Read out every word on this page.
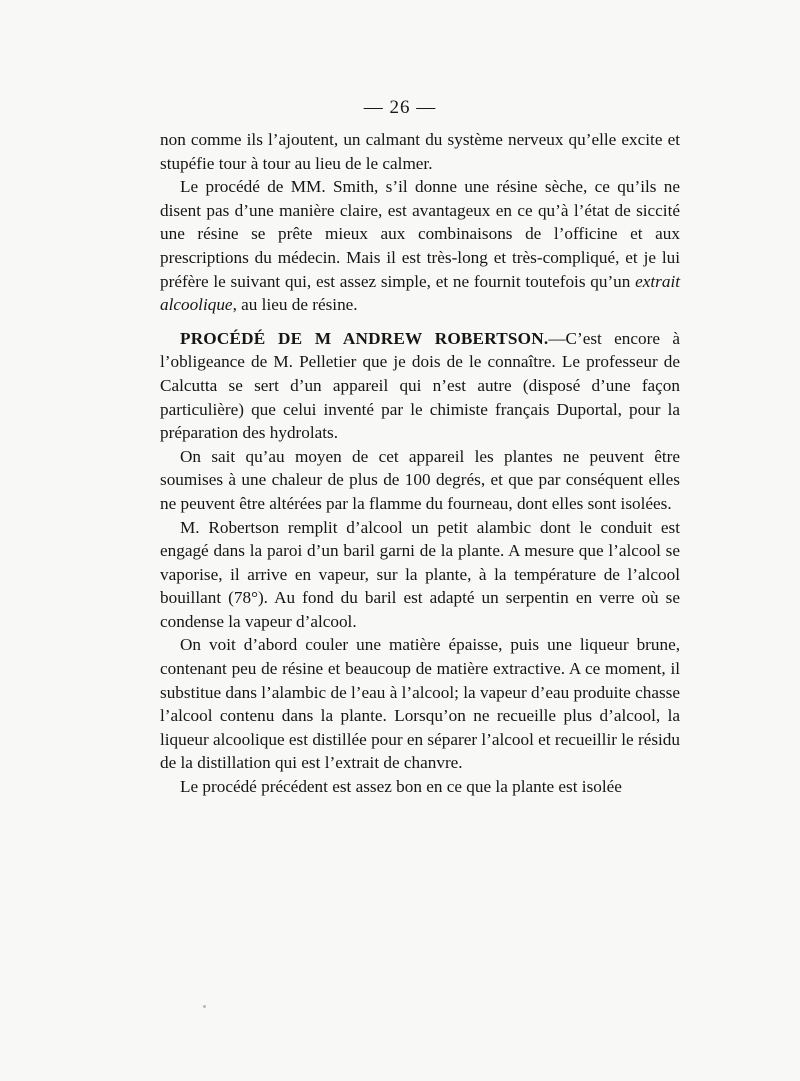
— 26 —

non comme ils l’ajoutent, un calmant du système nerveux qu’elle excite et stupéfie tour à tour au lieu de le calmer.

Le procédé de MM. Smith, s’il donne une résine sèche, ce qu’ils ne disent pas d’une manière claire, est avantageux en ce qu’à l’état de siccité une résine se prête mieux aux combinaisons de l’officine et aux prescriptions du médecin. Mais il est très-long et très-compliqué, et je lui préfère le suivant qui, est assez simple, et ne fournit toutefois qu’un extrait alcoolique, au lieu de résine.

PROCÉDÉ DE M ANDREW ROBERTSON.—C’est encore à l’obligeance de M. Pelletier que je dois de le connaître. Le professeur de Calcutta se sert d’un appareil qui n’est autre (disposé d’une façon particulière) que celui inventé par le chimiste français Duportal, pour la préparation des hydrolats.

On sait qu’au moyen de cet appareil les plantes ne peuvent être soumises à une chaleur de plus de 100 degrés, et que par conséquent elles ne peuvent être altérées par la flamme du fourneau, dont elles sont isolées.

M. Robertson remplit d’alcool un petit alambic dont le conduit est engagé dans la paroi d’un baril garni de la plante. A mesure que l’alcool se vaporise, il arrive en vapeur, sur la plante, à la température de l’alcool bouillant (78°). Au fond du baril est adapté un serpentin en verre où se condense la vapeur d’alcool.

On voit d’abord couler une matière épaisse, puis une liqueur brune, contenant peu de résine et beaucoup de matière extractive. A ce moment, il substitue dans l’alambic de l’eau à l’alcool; la vapeur d’eau produite chasse l’alcool contenu dans la plante. Lorsqu’on ne recueille plus d’alcool, la liqueur alcoolique est distillée pour en séparer l’alcool et recueillir le résidu de la distillation qui est l’extrait de chanvre.

Le procédé précédent est assez bon en ce que la plante est isolée
